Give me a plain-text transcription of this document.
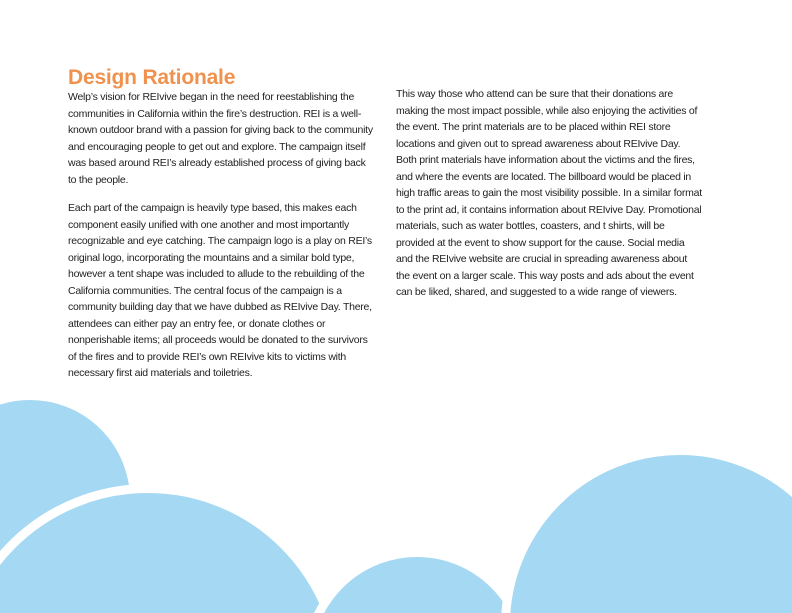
Design Rationale

Welp’s vision for REIvive began in the need for reestablishing the communities in California within the fire’s destruction. REI is a well-known outdoor brand with a passion for giving back to the community and encouraging people to get out and explore. The campaign itself was based around REI’s already established process of giving back to the people.

Each part of the campaign is heavily type based, this makes each component easily unified with one another and most importantly recognizable and eye catching. The campaign logo is a play on REI’s original logo, incorporating the mountains and a similar bold type, however a tent shape was included to allude to the rebuilding of the California communities. The central focus of the campaign is a community building day that we have dubbed as REIvive Day. There, attendees can either pay an entry fee, or donate clothes or nonperishable items; all proceeds would be donated to the survivors of the fires and to provide REI’s own REIvive kits to victims with necessary first aid materials and toiletries.

This way those who attend can be sure that their donations are making the most impact possible, while also enjoying the activities of the event. The print materials are to be placed within REI store locations and given out to spread awareness about REIvive Day. Both print materials have information about the victims and the fires, and where the events are located. The billboard would be placed in high traffic areas to gain the most visibility possible. In a similar format to the print ad, it contains information about REIvive Day. Promotional materials, such as water bottles, coasters, and t shirts, will be provided at the event to show support for the cause. Social media and the REIvive website are crucial in spreading awareness about the event on a larger scale. This way posts and ads about the event can be liked, shared, and suggested to a wide range of viewers.
